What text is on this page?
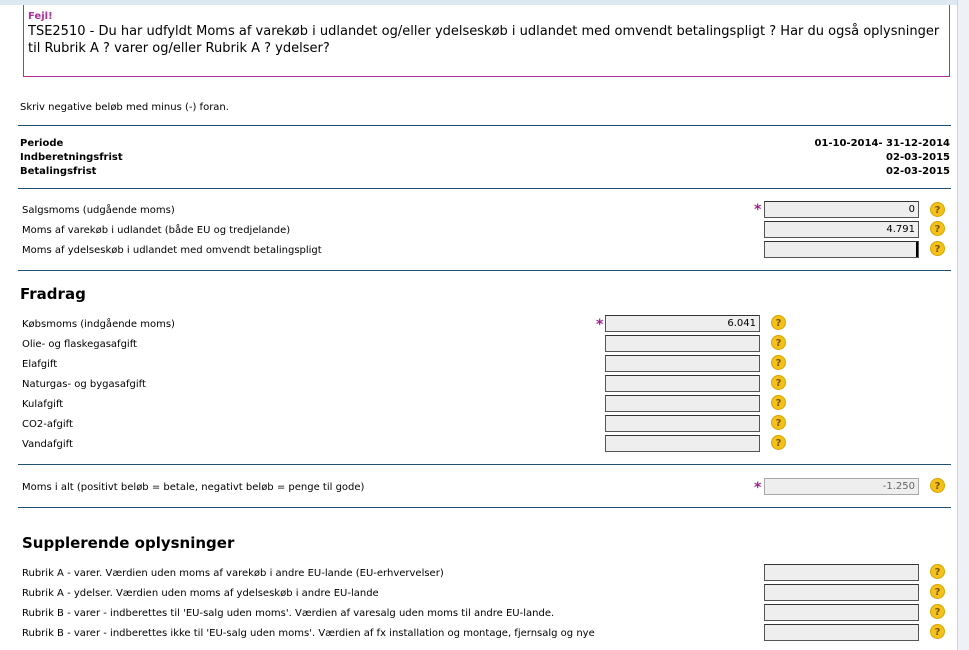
Fejl!
TSE2510 - Du har udfyldt Moms af varekøb i udlandet og/eller ydelseskøb i udlandet med omvendt betalingspligt ? Har du også oplysninger til Rubrik A ? varer og/eller Rubrik A ? ydelser?
Skriv negative beløb med minus (-) foran.
Periode	01-10-2014- 31-12-2014
Indberetningsfrist	02-03-2015
Betalingsfrist	02-03-2015
Salgsmoms (udgående moms)	*	0	?
Moms af varekøb i udlandet (både EU og tredjelande)	4.791	?
Moms af ydelseskøb i udlandet med omvendt betalingspligt	?
Fradrag
Købsmoms (indgående moms)	*	6.041	?
Olie- og flaskegasafgift	?
Elafgift	?
Naturgas- og bygasafgift	?
Kulafgift	?
CO2-afgift	?
Vandafgift	?
Moms i alt (positivt beløb = betale, negativt beløb = penge til gode)	*	-1.250	?
Supplerende oplysninger
Rubrik A - varer. Værdien uden moms af varekøb i andre EU-lande (EU-erhvervelser)	?
Rubrik A - ydelser. Værdien uden moms af ydelseskøb i andre EU-lande	?
Rubrik B - varer - indberettes til 'EU-salg uden moms'. Værdien af varesalg uden moms til andre EU-lande.	?
Rubrik B - varer - indberettes ikke til 'EU-salg uden moms'. Værdien af fx installation og montage, fjernsalg og nye	?
